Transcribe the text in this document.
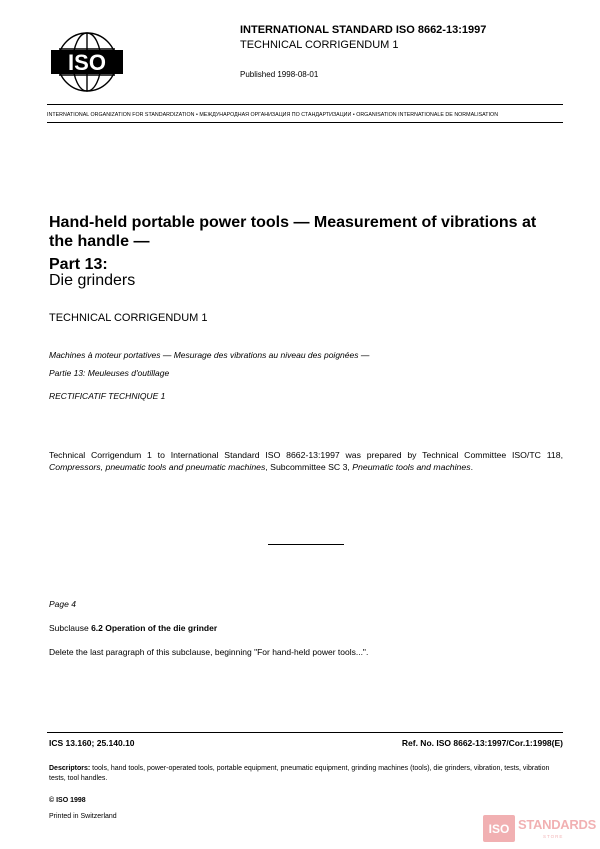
ISO
INTERNATIONAL STANDARD ISO 8662-13:1997
TECHNICAL CORRIGENDUM 1
Published 1998-08-01
INTERNATIONAL ORGANIZATION FOR STANDARDIZATION • МЕЖДУНАРОДНАЯ ОРГАНИЗАЦИЯ ПО СТАНДАРТИЗАЦИИ • ORGANISATION INTERNATIONALE DE NORMALISATION
Hand-held portable power tools — Measurement of vibrations at the handle —
Part 13:
Die grinders
TECHNICAL CORRIGENDUM 1
Machines à moteur portatives — Mesurage des vibrations au niveau des poignées —
Partie 13: Meuleuses d'outillage
RECTIFICATIF TECHNIQUE 1
Technical Corrigendum 1 to International Standard ISO 8662-13:1997 was prepared by Technical Committee ISO/TC 118, Compressors, pneumatic tools and pneumatic machines, Subcommittee SC 3, Pneumatic tools and machines.
Page 4
Subclause 6.2 Operation of the die grinder
Delete the last paragraph of this subclause, beginning "For hand-held power tools...".
ICS 13.160; 25.140.10	Ref. No. ISO 8662-13:1997/Cor.1:1998(E)
Descriptors: tools, hand tools, power-operated tools, portable equipment, pneumatic equipment, grinding machines (tools), die grinders, vibration, tests, vibration tests, tool handles.
© ISO 1998
Printed in Switzerland
ISO STANDARDS
STORE
